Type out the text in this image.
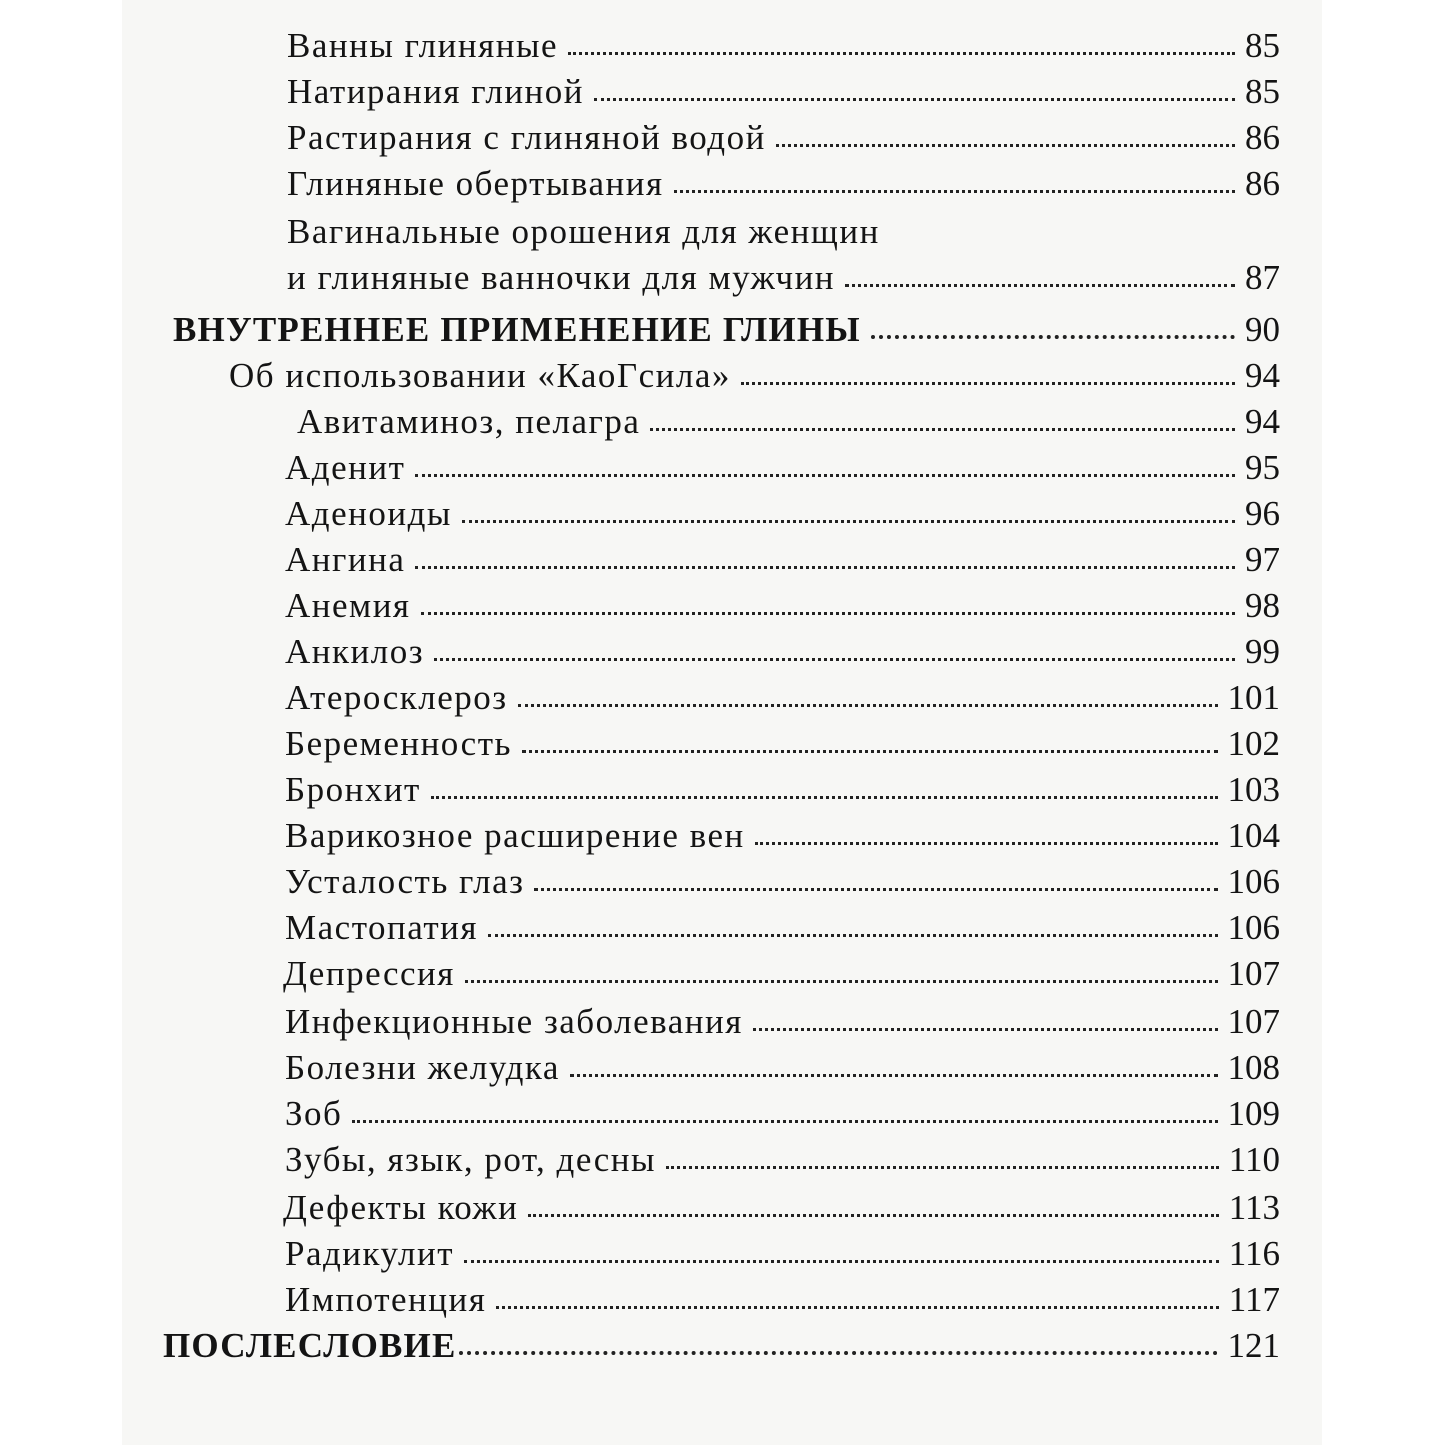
Ванны глиняные	85
Натирания глиной	85
Растирания с глиняной водой	86
Глиняные обертывания	86
Вагинальные орошения для женщин
и глиняные ванночки для мужчин	87
ВНУТРЕННЕЕ ПРИМЕНЕНИЕ ГЛИНЫ	90
Об использовании «КаоГсила»	94
Авитаминоз, пелагра	94
Аденит	95
Аденоиды	96
Ангина	97
Анемия	98
Анкилоз	99
Атеросклероз	101
Беременность	102
Бронхит	103
Варикозное расширение вен	104
Усталость глаз	106
Мастопатия	106
Депрессия	107
Инфекционные заболевания	107
Болезни желудка	108
Зоб	109
Зубы, язык, рот, десны	110
Дефекты кожи	113
Радикулит	116
Импотенция	117
ПОСЛЕСЛОВИЕ	121
